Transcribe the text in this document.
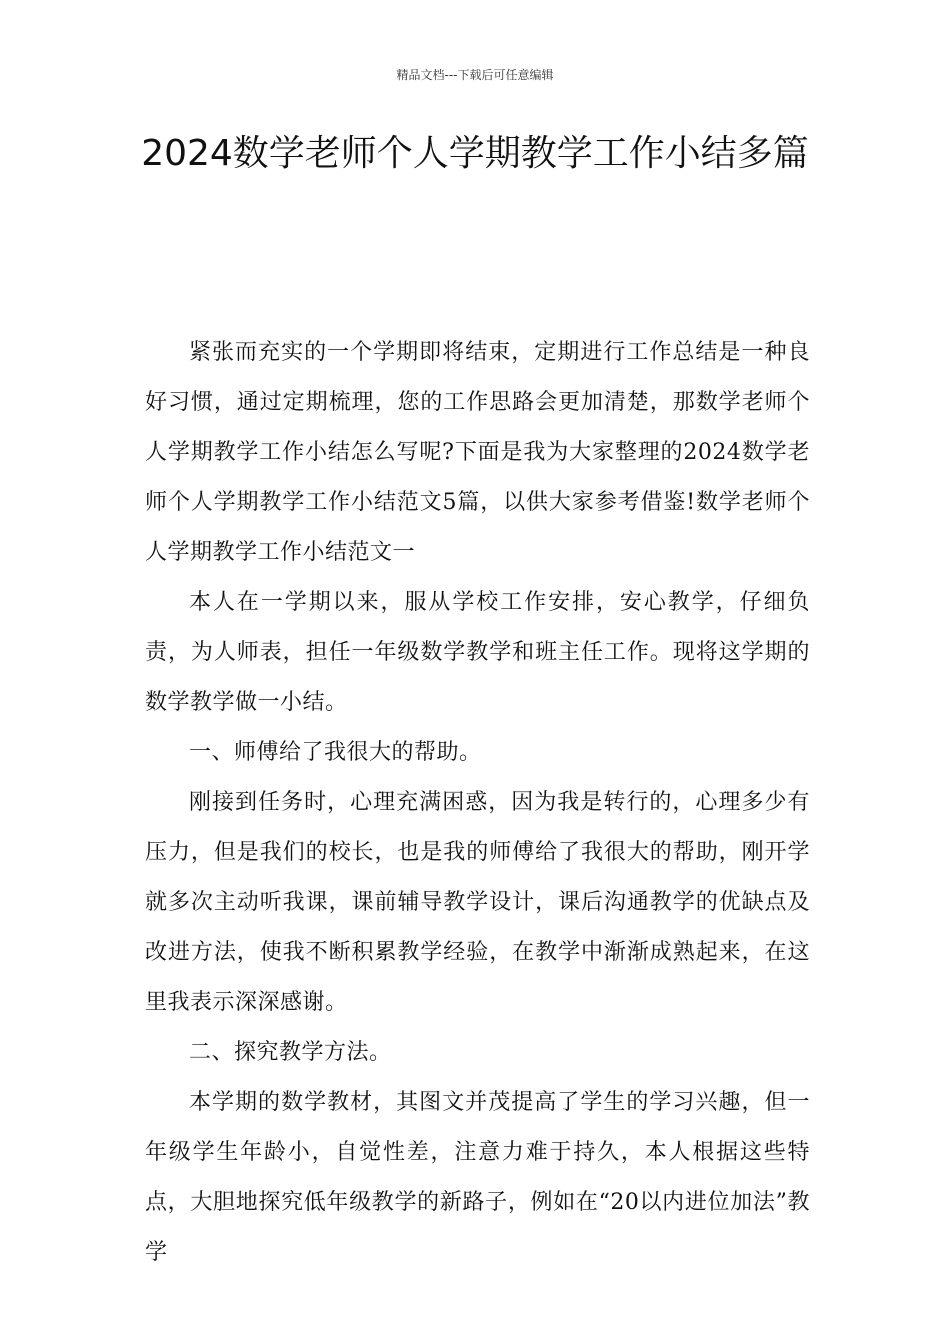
精品文档---下载后可任意编辑
2024数学老师个人学期教学工作小结多篇

紧张而充实的一个学期即将结束，定期进行工作总结是一种良好习惯，通过定期梳理，您的工作思路会更加清楚，那数学老师个人学期教学工作小结怎么写呢?下面是我为大家整理的2024数学老师个人学期教学工作小结范文5篇，以供大家参考借鉴!数学老师个人学期教学工作小结范文一

本人在一学期以来，服从学校工作安排，安心教学，仔细负责，为人师表，担任一年级数学教学和班主任工作。现将这学期的数学教学做一小结。

一、师傅给了我很大的帮助。

刚接到任务时，心理充满困惑，因为我是转行的，心理多少有压力，但是我们的校长，也是我的师傅给了我很大的帮助，刚开学就多次主动听我课，课前辅导教学设计，课后沟通教学的优缺点及改进方法，使我不断积累教学经验，在教学中渐渐成熟起来，在这里我表示深深感谢。

二、探究教学方法。

本学期的数学教材，其图文并茂提高了学生的学习兴趣，但一年级学生年龄小，自觉性差，注意力难于持久，本人根据这些特点，大胆地探究低年级教学的新路子，例如在“20以内进位加法”教学
